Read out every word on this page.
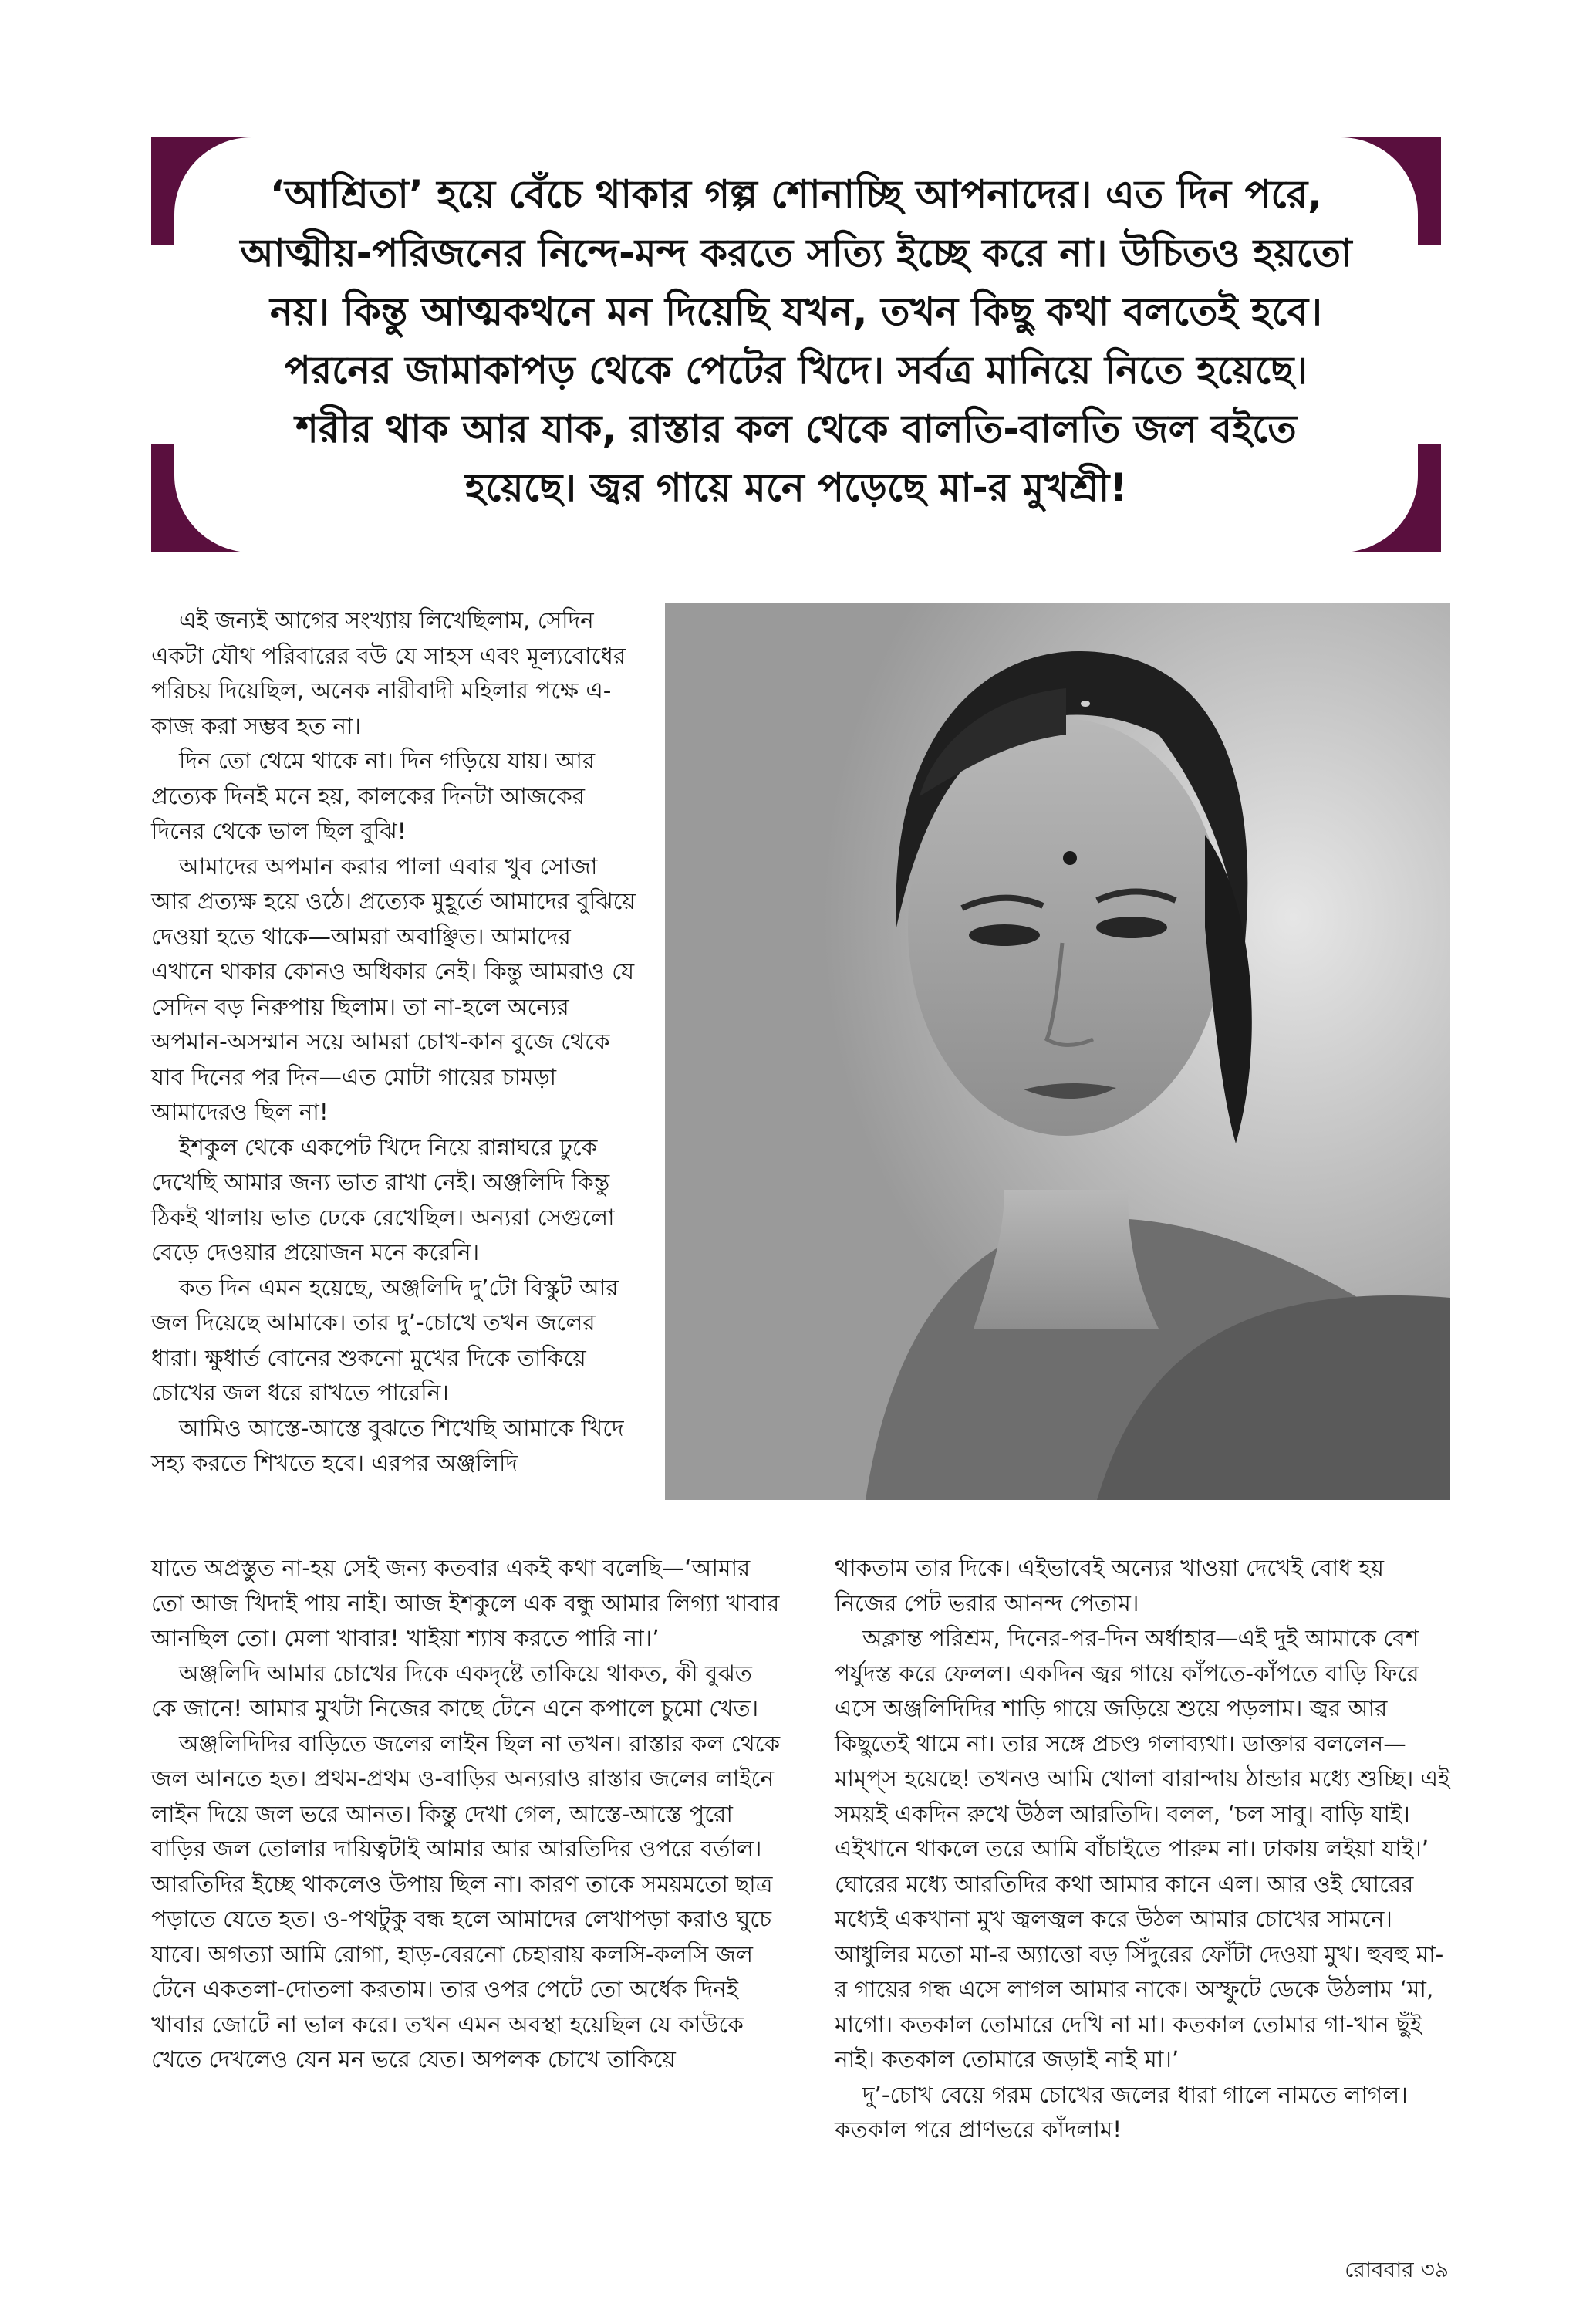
‘আশ্রিতা’ হয়ে বেঁচে থাকার গল্প শোনাচ্ছি আপনাদের। এত দিন পরে,
আত্মীয়-পরিজনের নিন্দে-মন্দ করতে সত্যি ইচ্ছে করে না। উচিতও হয়তো
নয়। কিন্তু আত্মকথনে মন দিয়েছি যখন, তখন কিছু কথা বলতেই হবে।
পরনের জামাকাপড় থেকে পেটের খিদে। সর্বত্র মানিয়ে নিতে হয়েছে।
শরীর থাক আর যাক, রাস্তার কল থেকে বালতি-বালতি জল বইতে
হয়েছে। জ্বর গায়ে মনে পড়েছে মা-র মুখশ্রী!

এই জন্যই আগের সংখ্যায় লিখেছিলাম, সেদিন একটা যৌথ পরিবারের বউ যে সাহস এবং মূল্যবোধের পরিচয় দিয়েছিল, অনেক নারীবাদী মহিলার পক্ষে এ-কাজ করা সম্ভব হত না।

দিন তো থেমে থাকে না। দিন গড়িয়ে যায়। আর প্রত্যেক দিনই মনে হয়, কালকের দিনটা আজকের দিনের থেকে ভাল ছিল বুঝি!

আমাদের অপমান করার পালা এবার খুব সোজা আর প্রত্যক্ষ হয়ে ওঠে। প্রত্যেক মুহূর্তে আমাদের বুঝিয়ে দেওয়া হতে থাকে—আমরা অবাঞ্ছিত। আমাদের এখানে থাকার কোনও অধিকার নেই। কিন্তু আমরাও যে সেদিন বড় নিরুপায় ছিলাম। তা না-হলে অন্যের অপমান-অসম্মান সয়ে আমরা চোখ-কান বুজে থেকে যাব দিনের পর দিন—এত মোটা গায়ের চামড়া আমাদেরও ছিল না!

ইশকুল থেকে একপেট খিদে নিয়ে রান্নাঘরে ঢুকে দেখেছি আমার জন্য ভাত রাখা নেই। অঞ্জলিদি কিন্তু ঠিকই থালায় ভাত ঢেকে রেখেছিল। অন্যরা সেগুলো বেড়ে দেওয়ার প্রয়োজন মনে করেনি।

কত দিন এমন হয়েছে, অঞ্জলিদি দু’টো বিস্কুট আর জল দিয়েছে আমাকে। তার দু’-চোখে তখন জলের ধারা। ক্ষুধার্ত বোনের শুকনো মুখের দিকে তাকিয়ে চোখের জল ধরে রাখতে পারেনি।

আমিও আস্তে-আস্তে বুঝতে শিখেছি আমাকে খিদে সহ্য করতে শিখতে হবে। এরপর অঞ্জলিদি

যাতে অপ্রস্তুত না-হয় সেই জন্য কতবার একই কথা বলেছি—‘আমার তো আজ খিদাই পায় নাই। আজ ইশকুলে এক বন্ধু আমার লিগ্যা খাবার আনছিল তো। মেলা খাবার! খাইয়া শ্যাষ করতে পারি না।’

অঞ্জলিদি আমার চোখের দিকে একদৃষ্টে তাকিয়ে থাকত, কী বুঝত কে জানে! আমার মুখটা নিজের কাছে টেনে এনে কপালে চুমো খেত।

অঞ্জলিদিদির বাড়িতে জলের লাইন ছিল না তখন। রাস্তার কল থেকে জল আনতে হত। প্রথম-প্রথম ও-বাড়ির অন্যরাও রাস্তার জলের লাইনে লাইন দিয়ে জল ভরে আনত। কিন্তু দেখা গেল, আস্তে-আস্তে পুরো বাড়ির জল তোলার দায়িত্বটাই আমার আর আরতিদির ওপরে বর্তাল। আরতিদির ইচ্ছে থাকলেও উপায় ছিল না। কারণ তাকে সময়মতো ছাত্র পড়াতে যেতে হত। ও-পথটুকু বন্ধ হলে আমাদের লেখাপড়া করাও ঘুচে যাবে। অগত্যা আমি রোগা, হাড়-বেরনো চেহারায় কলসি-কলসি জল টেনে একতলা-দোতলা করতাম। তার ওপর পেটে তো অর্ধেক দিনই খাবার জোটে না ভাল করে। তখন এমন অবস্থা হয়েছিল যে কাউকে খেতে দেখলেও যেন মন ভরে যেত। অপলক চোখে তাকিয়ে

থাকতাম তার দিকে। এইভাবেই অন্যের খাওয়া দেখেই বোধ হয় নিজের পেট ভরার আনন্দ পেতাম।

অক্লান্ত পরিশ্রম, দিনের-পর-দিন অর্ধাহার—এই দুই আমাকে বেশ পর্যুদস্ত করে ফেলল। একদিন জ্বর গায়ে কাঁপতে-কাঁপতে বাড়ি ফিরে এসে অঞ্জলিদিদির শাড়ি গায়ে জড়িয়ে শুয়ে পড়লাম। জ্বর আর কিছুতেই থামে না। তার সঙ্গে প্রচণ্ড গলাব্যথা। ডাক্তার বললেন—মাম্প্‌স হয়েছে! তখনও আমি খোলা বারান্দায় ঠান্ডার মধ্যে শুচ্ছি। এই সময়ই একদিন রুখে উঠল আরতিদি। বলল, ‘চল সাবু। বাড়ি যাই। এইখানে থাকলে তরে আমি বাঁচাইতে পারুম না। ঢাকায় লইয়া যাই।’ ঘোরের মধ্যে আরতিদির কথা আমার কানে এল। আর ওই ঘোরের মধ্যেই একখানা মুখ জ্বলজ্বল করে উঠল আমার চোখের সামনে। আধুলির মতো মা-র অ্যাত্তো বড় সিঁদুরের ফোঁটা দেওয়া মুখ। হুবহু মা-র গায়ের গন্ধ এসে লাগল আমার নাকে। অস্ফুটে ডেকে উঠলাম ‘মা, মাগো। কতকাল তোমারে দেখি না মা। কতকাল তোমার গা-খান ছুঁই নাই। কতকাল তোমারে জড়াই নাই মা।’

দু’-চোখ বেয়ে গরম চোখের জলের ধারা গালে নামতে লাগল। কতকাল পরে প্রাণভরে কাঁদলাম!

রোববার ৩৯
